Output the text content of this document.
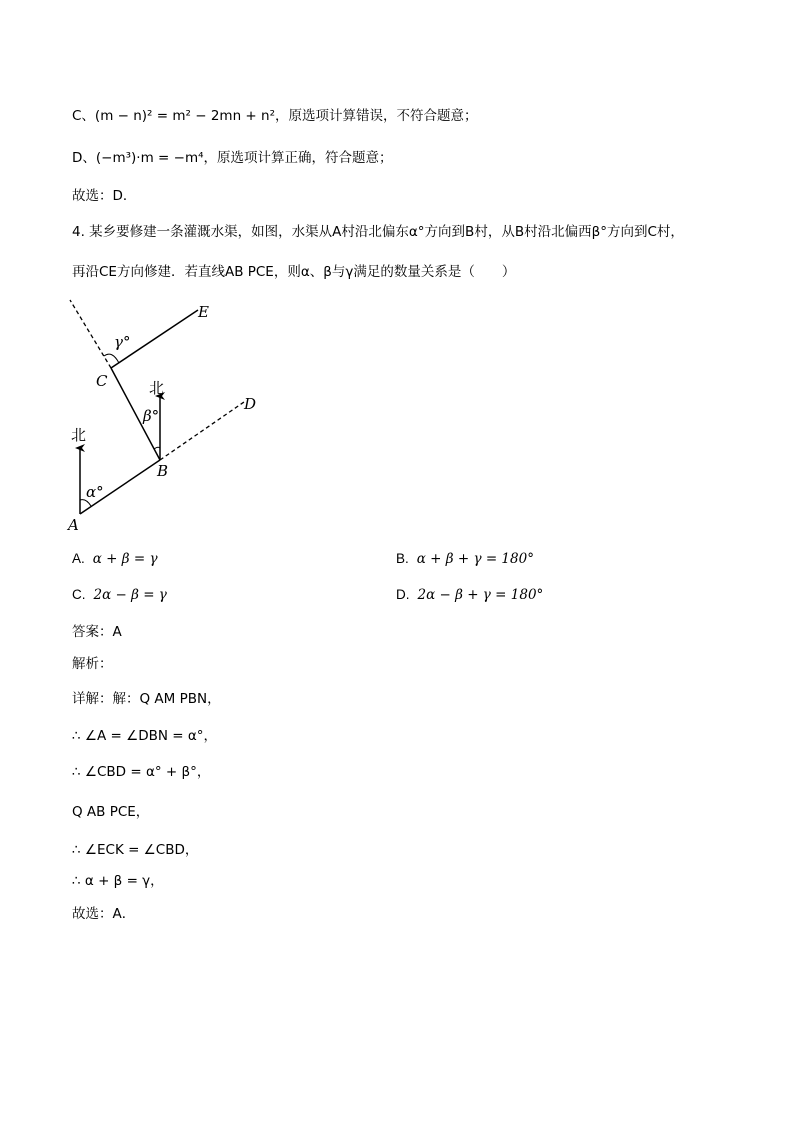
C、(m − n)² = m² − 2mn + n²，原选项计算错误，不符合题意；
D、(−m³)·m = −m⁴，原选项计算正确，符合题意；
故选：D．
4. 某乡要修建一条灌溉水渠，如图，水渠从A村沿北偏东α°方向到B村，从B村沿北偏西β°方向到C村，
再沿CE方向修建．若直线AB PCE，则α、β与γ满足的数量关系是（　　）
E
C
B
A
D
γ°
β°
α°
北
北
A. α + β = γ	B. α + β + γ = 180°
C. 2α − β = γ	D. 2α − β + γ = 180°
答案：A
解析：
详解：解：Q AM PBN，
∴ ∠A = ∠DBN = α°，
∴ ∠CBD = α° + β°，
Q AB PCE，
∴ ∠ECK = ∠CBD，
∴ α + β = γ，
故选：A．
